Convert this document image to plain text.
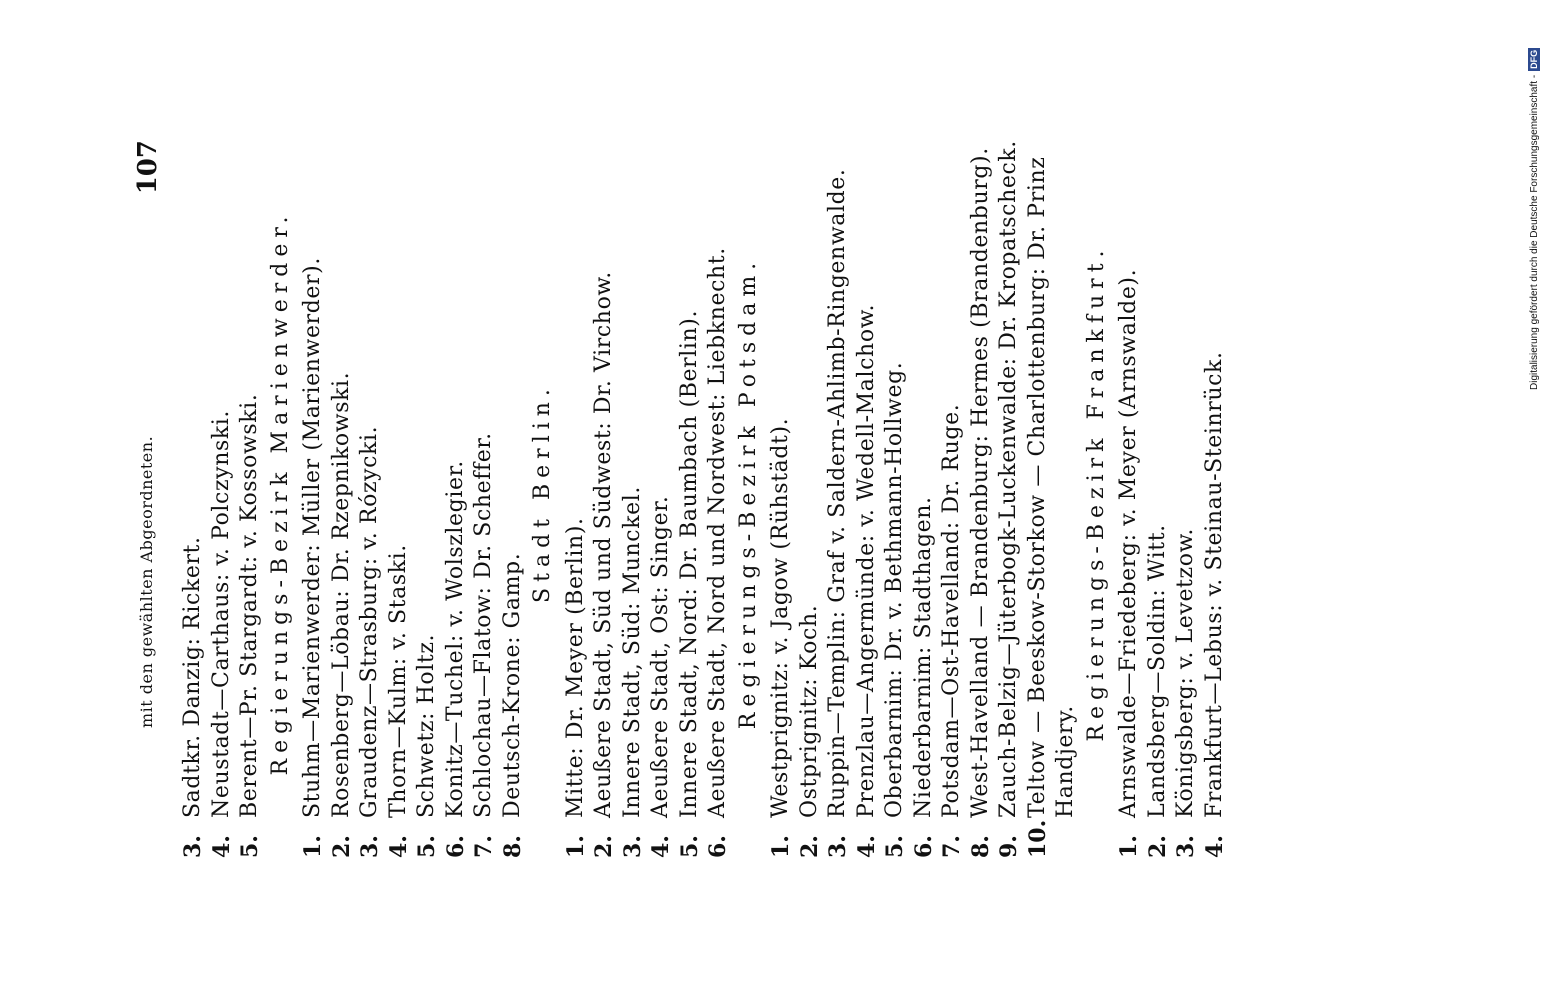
mit den gewählten Abgeordneten.
107
3.
Sadtkr. Danzig: Rickert.
4.
Neustadt—Carthaus: v. Polczynski.
5.
Berent—Pr. Stargardt: v. Kossowski. Regierungs-Bezirk Marienwerder.
1.
Stuhm—Marienwerder: Müller (Marienwerder).
2.
Rosenberg—Löbau: Dr. Rzepnikowski.
3.
Graudenz—Strasburg: v. Rózycki.
4.
Thorn—Kulm: v. Staski.
5.
Schwetz: Holtz.
6.
Konitz—Tuchel: v. Wolszlegier.
7.
Schlochau—Flatow: Dr. Scheffer.
8.
Deutsch-Krone: Gamp.
Stadt Berlin.
1.
Mitte: Dr. Meyer (Berlin).
2.
Aeußere Stadt, Süd und Südwest: Dr. Virchow.
3.
Innere Stadt, Süd: Munckel.
4.
Aeußere Stadt, Ost: Singer.
5.
Innere Stadt, Nord: Dr. Baumbach (Berlin).
6.
Aeußere Stadt, Nord und Nordwest: Liebknecht. Regierungs-Bezirk Potsdam.
1.
Westprignitz: v. Jagow (Rühstädt).
2.
Ostprignitz: Koch.
3.
Ruppin—Templin: Graf v. Saldern-Ahlimb-Ringenwalde.
4.
Prenzlau—Angermünde: v. Wedell-Malchow.
5.
Oberbarnim: Dr. v. Bethmann-Hollweg.
6.
Niederbarnim: Stadthagen.
7.
Potsdam—Ost-Havelland: Dr. Ruge.
8.
West-Havelland — Brandenburg: Hermes (Brandenburg).
9.
Zauch-Belzig—Jüterbogk-Luckenwalde: Dr. Kropatscheck.
10.
Teltow — Beeskow-Storkow — Charlottenburg: Dr. Prinz Handjery.
Regierungs-Bezirk Frankfurt.
1.
Arnswalde—Friedeberg: v. Meyer (Arnswalde).
2.
Landsberg—Soldin: Witt.
3.
Königsberg: v. Levetzow.
4.
Frankfurt—Lebus: v. Steinau-Steinrück.
Digitalisierung gefördert durch die Deutsche Forschungsgemeinschaft -
DFG
